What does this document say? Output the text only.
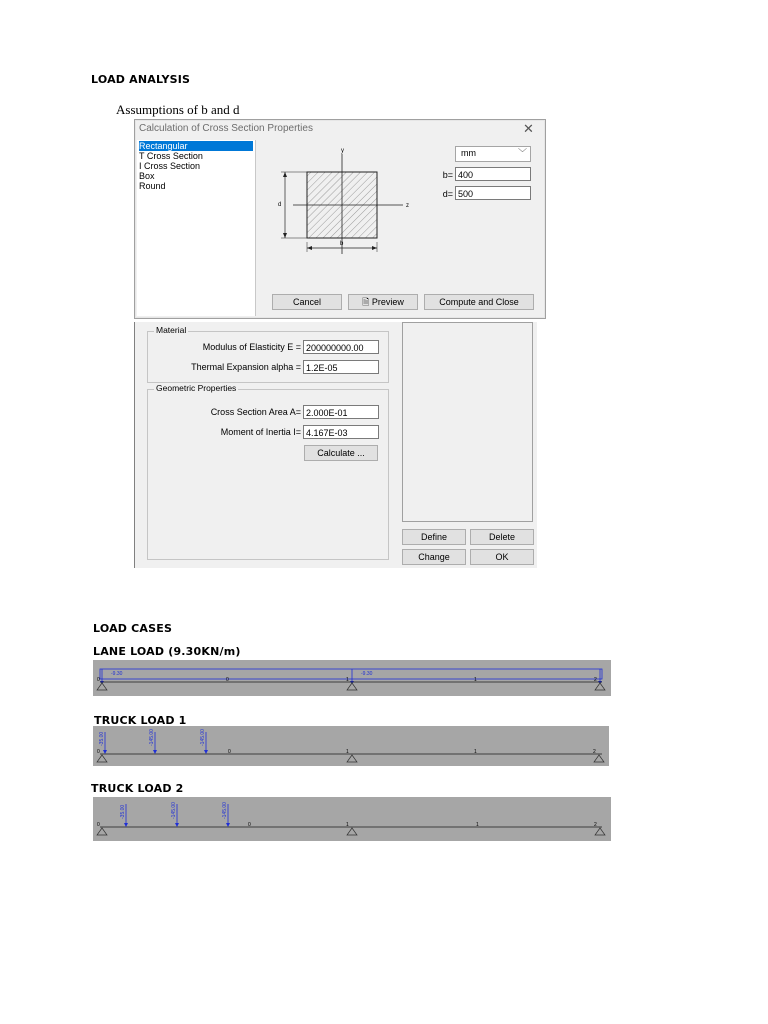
LOAD ANALYSIS
Assumptions of b and d
Calculation of Cross Section Properties	✕
Rectangular
T Cross Section
I Cross Section
Box
Round
y
z
b
d
mm	﹀
b= 400
d= 500
Cancel	🗎 Preview	Compute and Close
Material
Modulus of Elasticity E = 200000000.00
Thermal Expansion alpha = 1.2E-05
Geometric Properties
Cross Section Area A= 2.000E-01
Moment of Inertia I= 4.167E-03
Calculate ...
Define	Delete
Change	OK
LOAD CASES
LANE LOAD (9.30KN/m)
-9.30	-9.30
0	1	2
0	1
TRUCK LOAD 1
-35.00	-145.00	-145.00
0	1	2
0	1
TRUCK LOAD 2
-35.00	-145.00	-145.00
0	1	2
0	1
